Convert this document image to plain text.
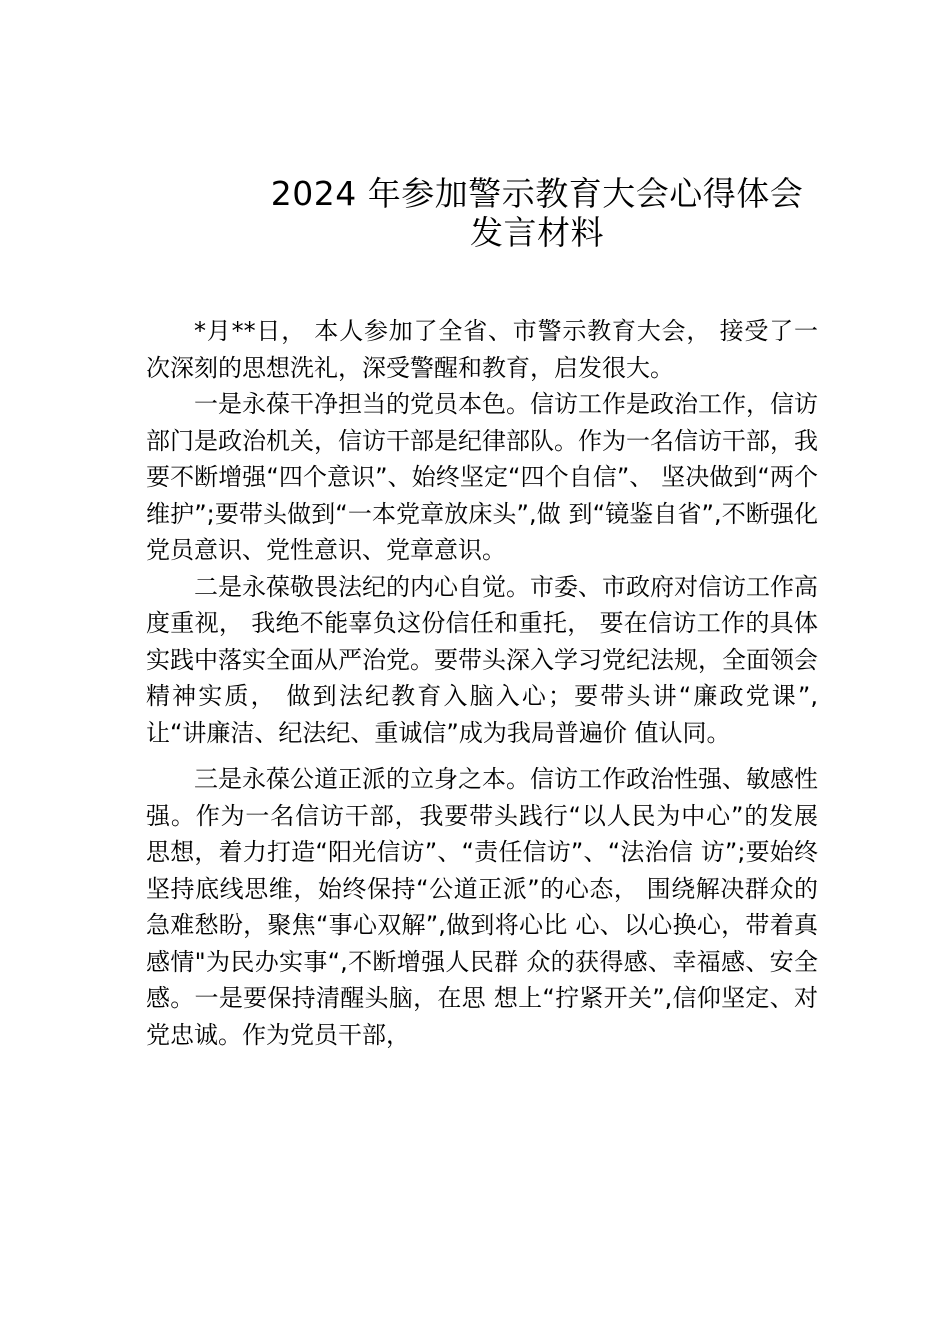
2024 年参加警示教育大会心得体会
发言材料

*月**日， 本人参加了全省、市警示教育大会， 接受了一次深刻的思想洗礼，深受警醒和教育，启发很大。

一是永葆干净担当的党员本色。信访工作是政治工作，信访部门是政治机关，信访干部是纪律部队。作为一名信访干部，我要不断增强“四个意识”、始终坚定“四个自信”、 坚决做到“两个维护”;要带头做到“一本党章放床头”,做 到“镜鉴自省”,不断强化党员意识、党性意识、党章意识。

二是永葆敬畏法纪的内心自觉。市委、市政府对信访工作高度重视， 我绝不能辜负这份信任和重托， 要在信访工作的具体实践中落实全面从严治党。要带头深入学习党纪法规，全面领会精神实质， 做到法纪教育入脑入心；要带头讲“廉政党课”,让“讲廉洁、纪法纪、重诚信”成为我局普遍价 值认同。

三是永葆公道正派的立身之本。信访工作政治性强、敏感性强。作为一名信访干部，我要带头践行“以人民为中心”的发展思想，着力打造“阳光信访”、“责任信访”、“法治信 访”;要始终坚持底线思维，始终保持“公道正派”的心态， 围绕解决群众的急难愁盼，聚焦“事心双解”,做到将心比 心、以心换心，带着真感情"为民办实事“,不断增强人民群 众的获得感、幸福感、安全感。一是要保持清醒头脑，在思 想上“拧紧开关”,信仰坚定、对党忠诚。作为党员干部，
